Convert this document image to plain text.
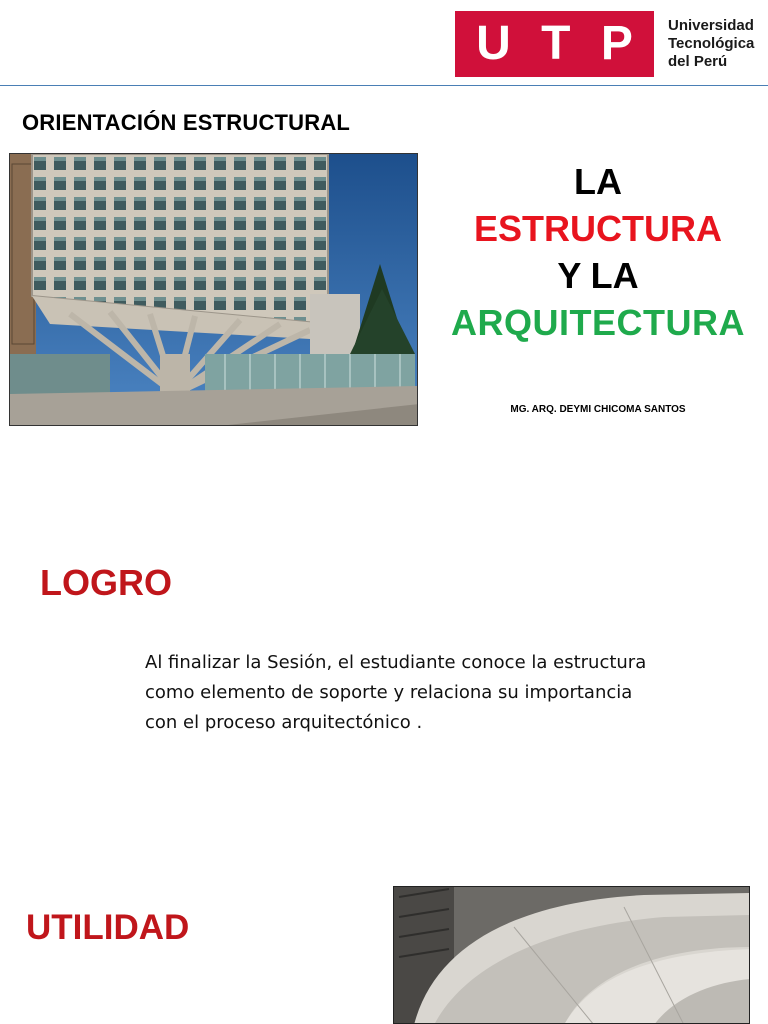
U T P Universidad
Tecnológica
del Perú
ORIENTACIÓN ESTRUCTURAL
LA
ESTRUCTURA
Y LA
ARQUITECTURA
MG. ARQ. DEYMI CHICOMA SANTOS
LOGRO
Al finalizar la Sesión, el estudiante conoce la estructura
como elemento de soporte y relaciona su importancia
con el proceso arquitectónico .
UTILIDAD
